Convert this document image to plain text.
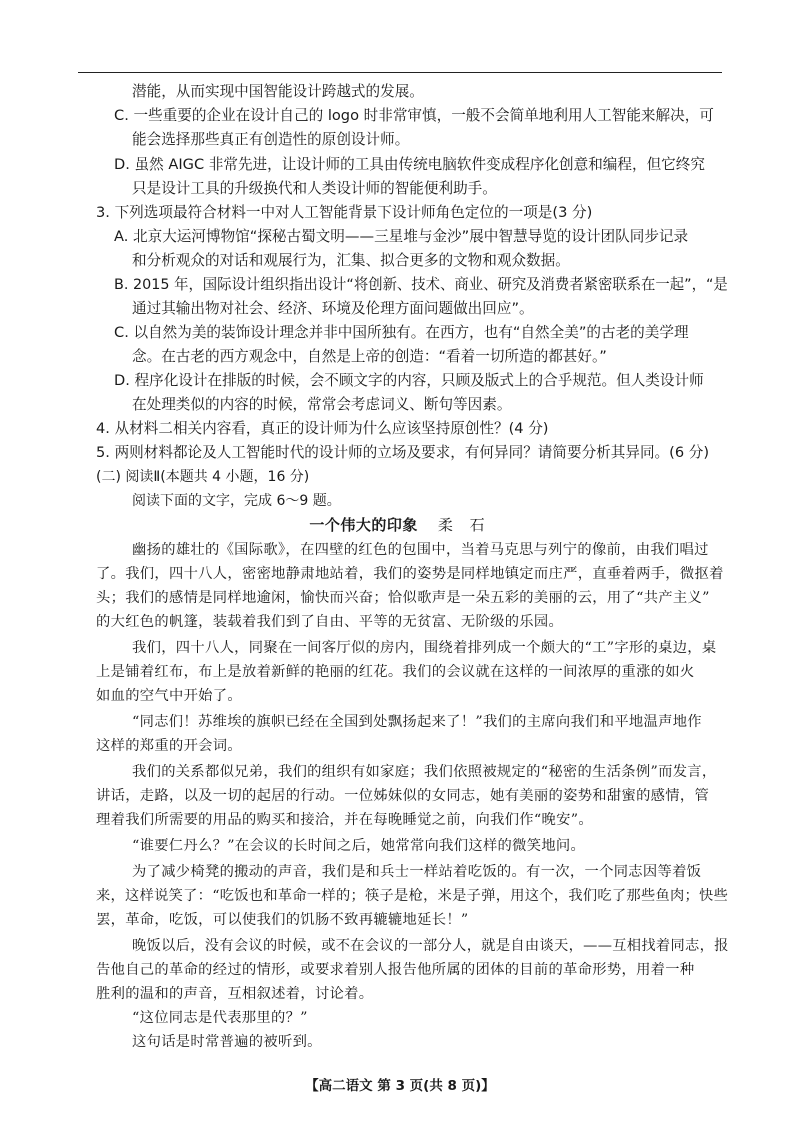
潜能，从而实现中国智能设计跨越式的发展。
C. 一些重要的企业在设计自己的 logo 时非常审慎，一般不会简单地利用人工智能来解决，可
能会选择那些真正有创造性的原创设计师。
D. 虽然 AIGC 非常先进，让设计师的工具由传统电脑软件变成程序化创意和编程，但它终究
只是设计工具的升级换代和人类设计师的智能便利助手。
3. 下列选项最符合材料一中对人工智能背景下设计师角色定位的一项是(3 分)
A. 北京大运河博物馆“探秘古蜀文明——三星堆与金沙”展中智慧导览的设计团队同步记录
和分析观众的对话和观展行为，汇集、拟合更多的文物和观众数据。
B. 2015 年，国际设计组织指出设计“将创新、技术、商业、研究及消费者紧密联系在一起”，“是
通过其输出物对社会、经济、环境及伦理方面问题做出回应”。
C. 以自然为美的装饰设计理念并非中国所独有。在西方，也有“自然全美”的古老的美学理
念。在古老的西方观念中，自然是上帝的创造：“看着一切所造的都甚好。”
D. 程序化设计在排版的时候，会不顾文字的内容，只顾及版式上的合乎规范。但人类设计师
在处理类似的内容的时候，常常会考虑词义、断句等因素。
4. 从材料二相关内容看，真正的设计师为什么应该坚持原创性？(4 分)
5. 两则材料都论及人工智能时代的设计师的立场及要求，有何异同？请简要分析其异同。(6 分)
(二) 阅读Ⅱ(本题共 4 小题，16 分)
阅读下面的文字，完成 6～9 题。
一个伟大的印象 柔 石
幽扬的雄壮的《国际歌》，在四壁的红色的包围中，当着马克思与列宁的像前，由我们唱过
了。我们，四十八人，密密地静肃地站着，我们的姿势是同样地镇定而庄严，直垂着两手，微抠着
头；我们的感情是同样地逾闲，愉快而兴奋；恰似歌声是一朵五彩的美丽的云，用了“共产主义”
的大红色的帆篷，装载着我们到了自由、平等的无贫富、无阶级的乐园。
我们，四十八人，同聚在一间客厅似的房内，围绕着排列成一个颇大的“工”字形的桌边，桌
上是铺着红布，布上是放着新鲜的艳丽的红花。我们的会议就在这样的一间浓厚的重涨的如火
如血的空气中开始了。
“同志们！苏维埃的旗帜已经在全国到处飘扬起来了！”我们的主席向我们和平地温声地作
这样的郑重的开会词。
我们的关系都似兄弟，我们的组织有如家庭；我们依照被规定的“秘密的生活条例”而发言，
讲话，走路，以及一切的起居的行动。一位姊妹似的女同志，她有美丽的姿势和甜蜜的感情，管
理着我们所需要的用品的购买和接洽，并在每晚睡觉之前，向我们作“晚安”。
“谁要仁丹么？”在会议的长时间之后，她常常向我们这样的微笑地问。
为了减少椅凳的搬动的声音，我们是和兵士一样站着吃饭的。有一次，一个同志因等着饭
来，这样说笑了：“吃饭也和革命一样的；筷子是枪，米是子弹，用这个，我们吃了那些鱼肉；快些
罢，革命，吃饭，可以使我们的饥肠不致再辘辘地延长！”
晚饭以后，没有会议的时候，或不在会议的一部分人，就是自由谈天，——互相找着同志，报
告他自己的革命的经过的情形，或要求着别人报告他所属的团体的目前的革命形势，用着一种
胜利的温和的声音，互相叙述着，讨论着。
“这位同志是代表那里的？”
这句话是时常普遍的被听到。
【高二语文 第 3 页(共 8 页)】
